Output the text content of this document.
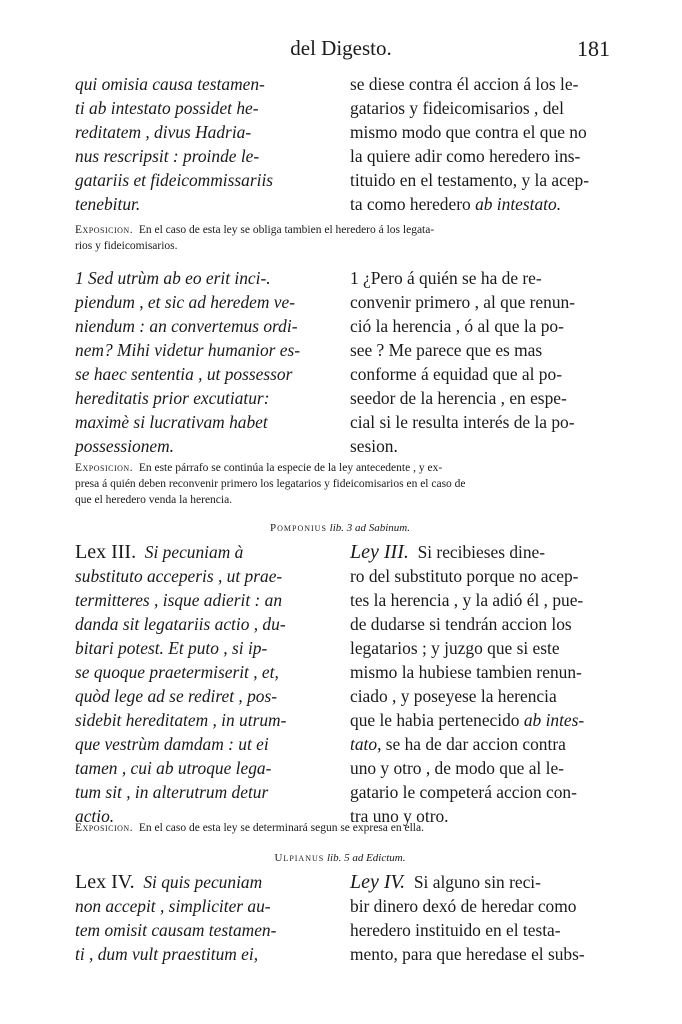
del Digesto.	181
qui omisia causa testamen-
ti ab intestato possidet he-
reditatem , divus Hadria-
nus rescripsit : proinde le-
gatariis et fideicommissariis
tenebitur.
se diese contra él accion á los le-
gatarios y fideicomisarios , del
mismo modo que contra el que no
la quiere adir como heredero ins-
tituido en el testamento, y la acep-
ta como heredero ab intestato.
Exposicion. En el caso de esta ley se obliga tambien el heredero á los legata-
rios y fideicomisarios.
1 Sed utrùm ab eo erit inci-.
piendum , et sic ad heredem ve-
niendum : an convertemus ordi-
nem? Mihi videtur humanior es-
se haec sententia , ut possessor
hereditatis prior excutiatur:
maximè si lucrativam habet
possessionem.
1 ¿Pero á quién se ha de re-
convenir primero , al que renun-
ció la herencia , ó al que la po-
see ? Me parece que es mas
conforme á equidad que al po-
seedor de la herencia , en espe-
cial si le resulta interés de la po-
sesion.
Exposicion. En este párrafo se continúa la especie de la ley antecedente , y ex-
presa á quién deben reconvenir primero los legatarios y fideicomisarios en el caso de
que el heredero venda la herencia.
Pomponius lib. 3 ad Sabinum.
Lex III. Si pecuniam à
substituto acceperis , ut prae-
termitteres , isque adierit : an
danda sit legatariis actio , du-
bitari potest. Et puto , si ip-
se quoque praetermiserit , et,
quòd lege ad se rediret , pos-
sidebit hereditatem , in utrum-
que vestrùm damdam : ut ei
tamen , cui ab utroque lega-
tum sit , in alterutrum detur
actio.
Ley III. Si recibieses dine-
ro del substituto porque no acep-
tes la herencia , y la adió él , pue-
de dudarse si tendrán accion los
legatarios ; y juzgo que si este
mismo la hubiese tambien renun-
ciado , y poseyese la herencia
que le habia pertenecido ab intes-
tato, se ha de dar accion contra
uno y otro , de modo que al le-
gatario le competerá accion con-
tra uno y otro.
Exposicion. En el caso de esta ley se determinará segun se expresa en ella.
Ulpianus lib. 5 ad Edictum.
Lex IV. Si quis pecuniam
non accepit , simpliciter au-
tem omisit causam testamen-
ti , dum vult praestitum ei,
Ley IV. Si alguno sin reci-
bir dinero dexó de heredar como
heredero instituido en el testa-
mento, para que heredase el subs-
